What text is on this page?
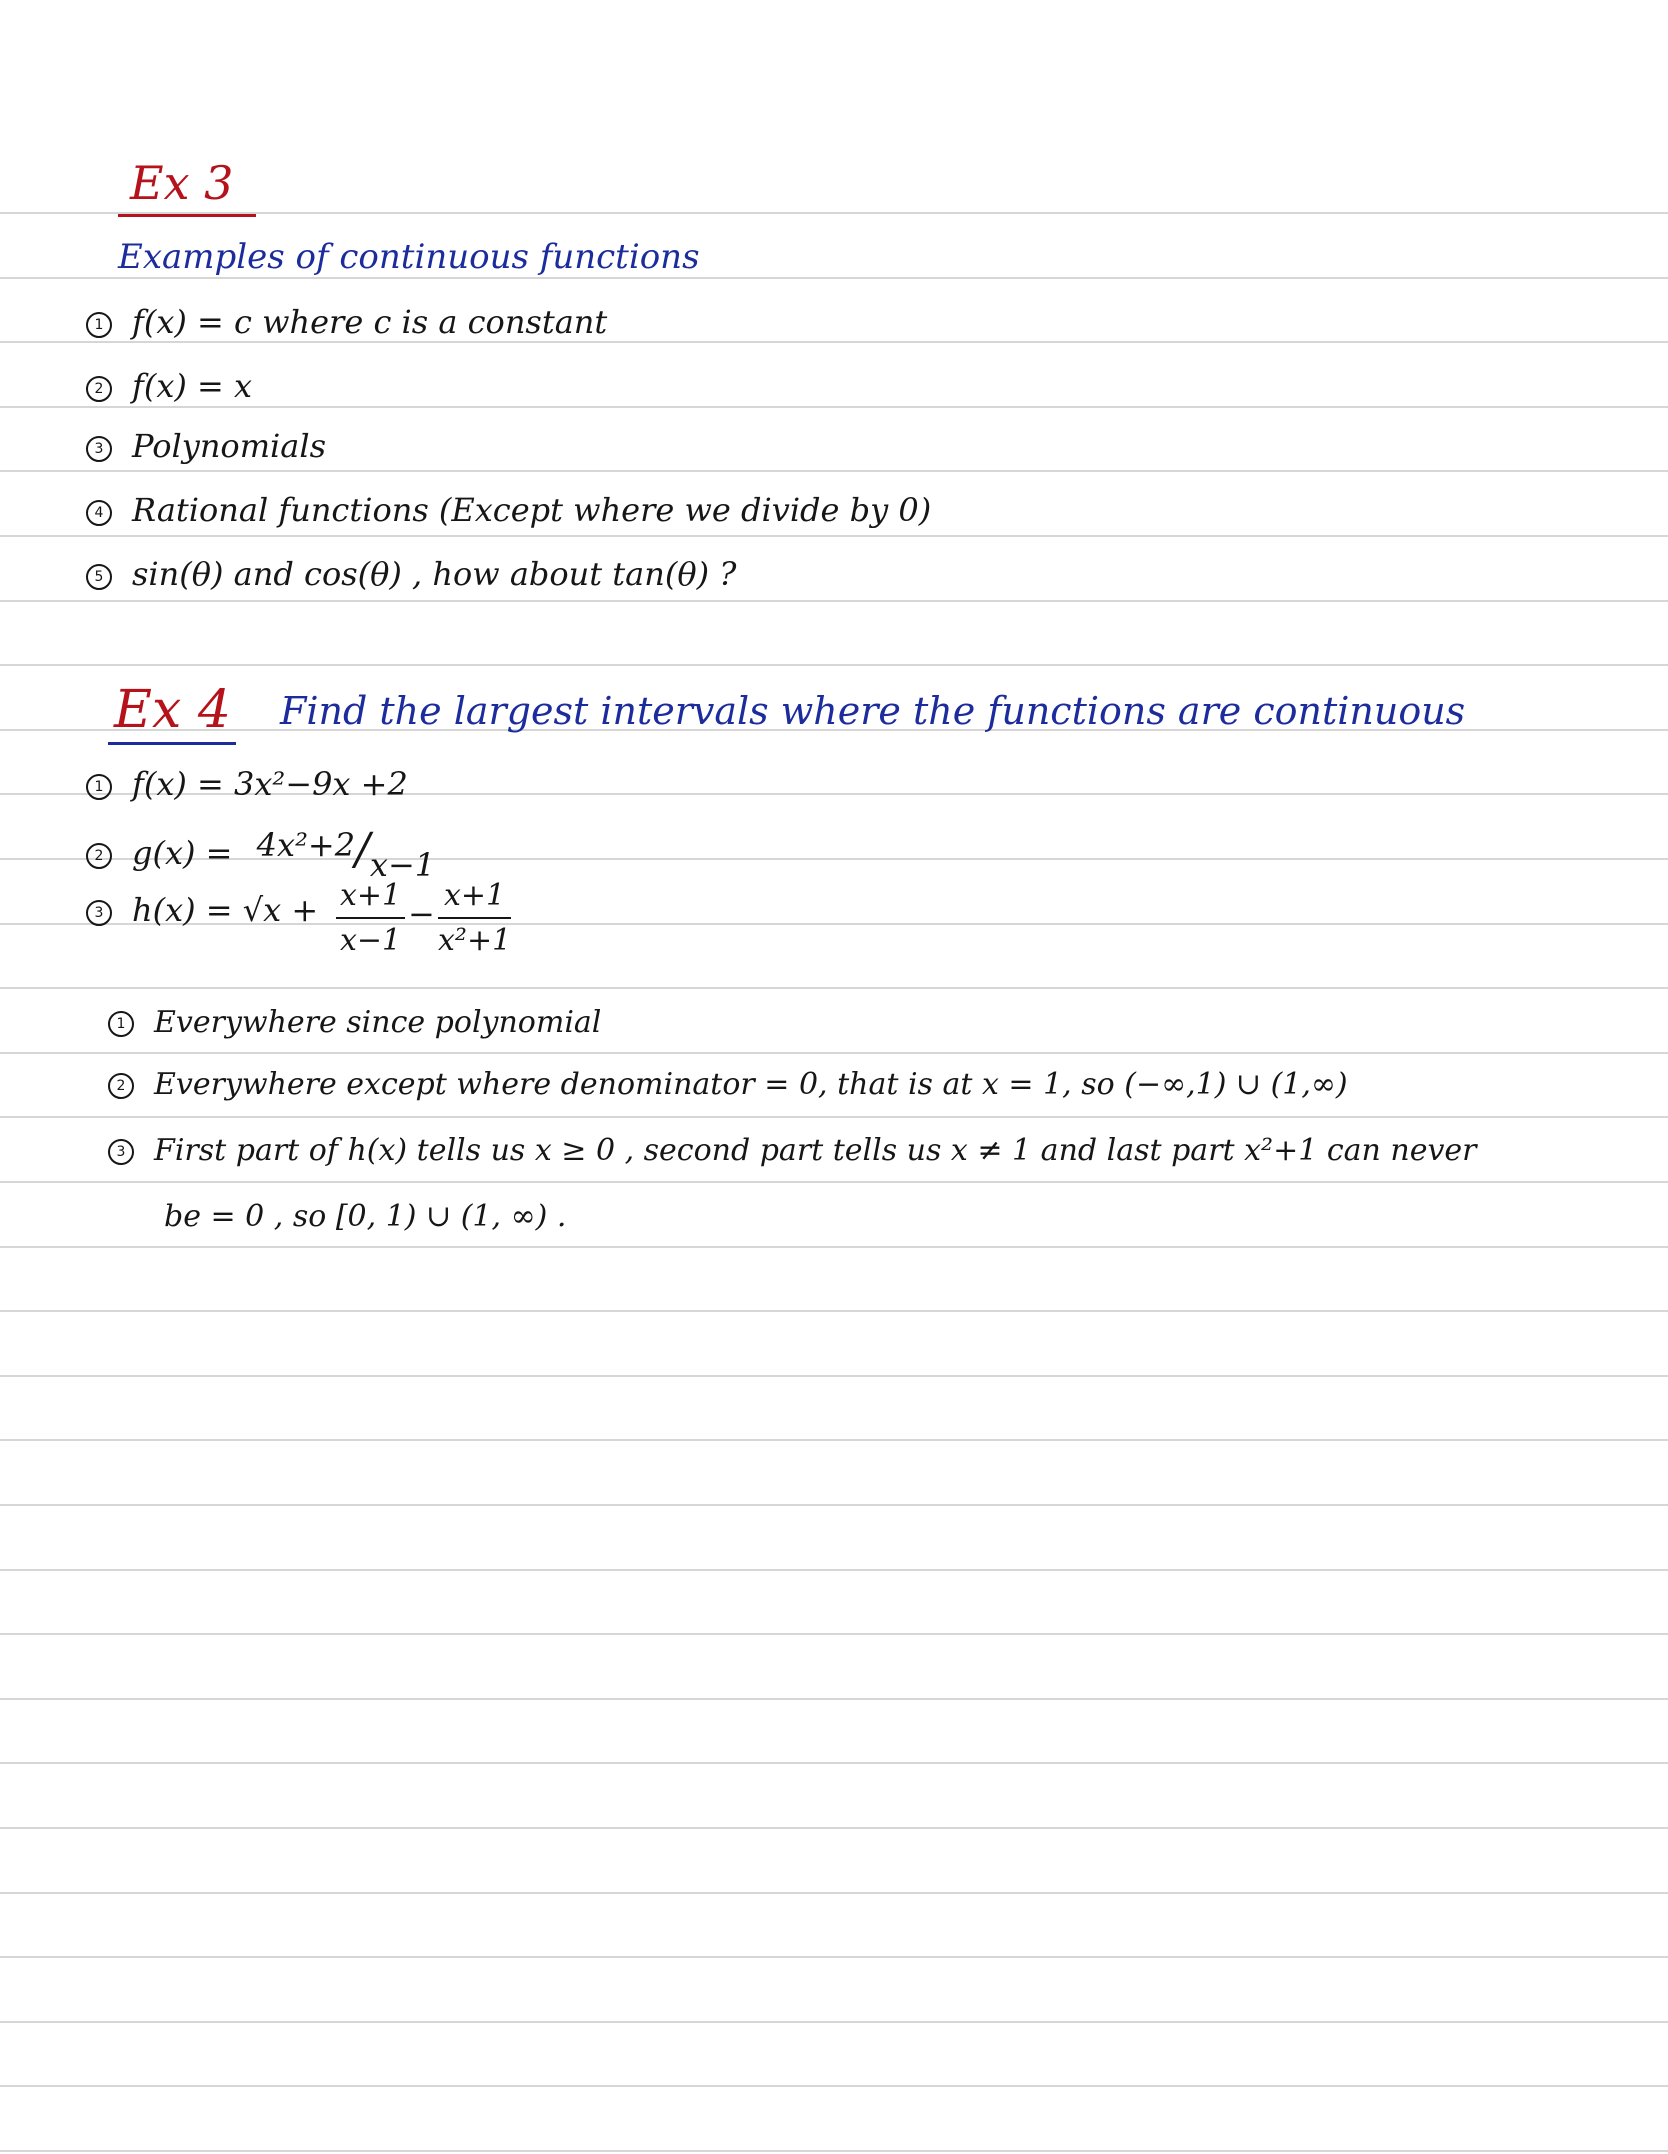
Ex 3
Examples of continuous functions
1 f(x) = c where c is a constant
2 f(x) = x
3 Polynomials
4 Rational functions (Except where we divide by 0)
5 sin(θ) and cos(θ) , how about tan(θ) ?
Ex 4 Find the largest intervals where the functions are continuous
1 f(x) = 3x²−9x +2
2 g(x) = 4x²+2/x−1
3 $h(x) = √x + \frac{x+1}{x-1} - \frac{x+1}{\text{x²+1}}$
1 Everywhere since polynomial
2 Everywhere except where denominator = 0, that is at x = 1, so (−∞,1) ∪ (1,∞)
3 First part of h(x) tells us x ≥ 0 , second part tells us x ≠ 1 and last part x²+1 can never
be = 0 , so [0, 1) ∪ (1, ∞) .
